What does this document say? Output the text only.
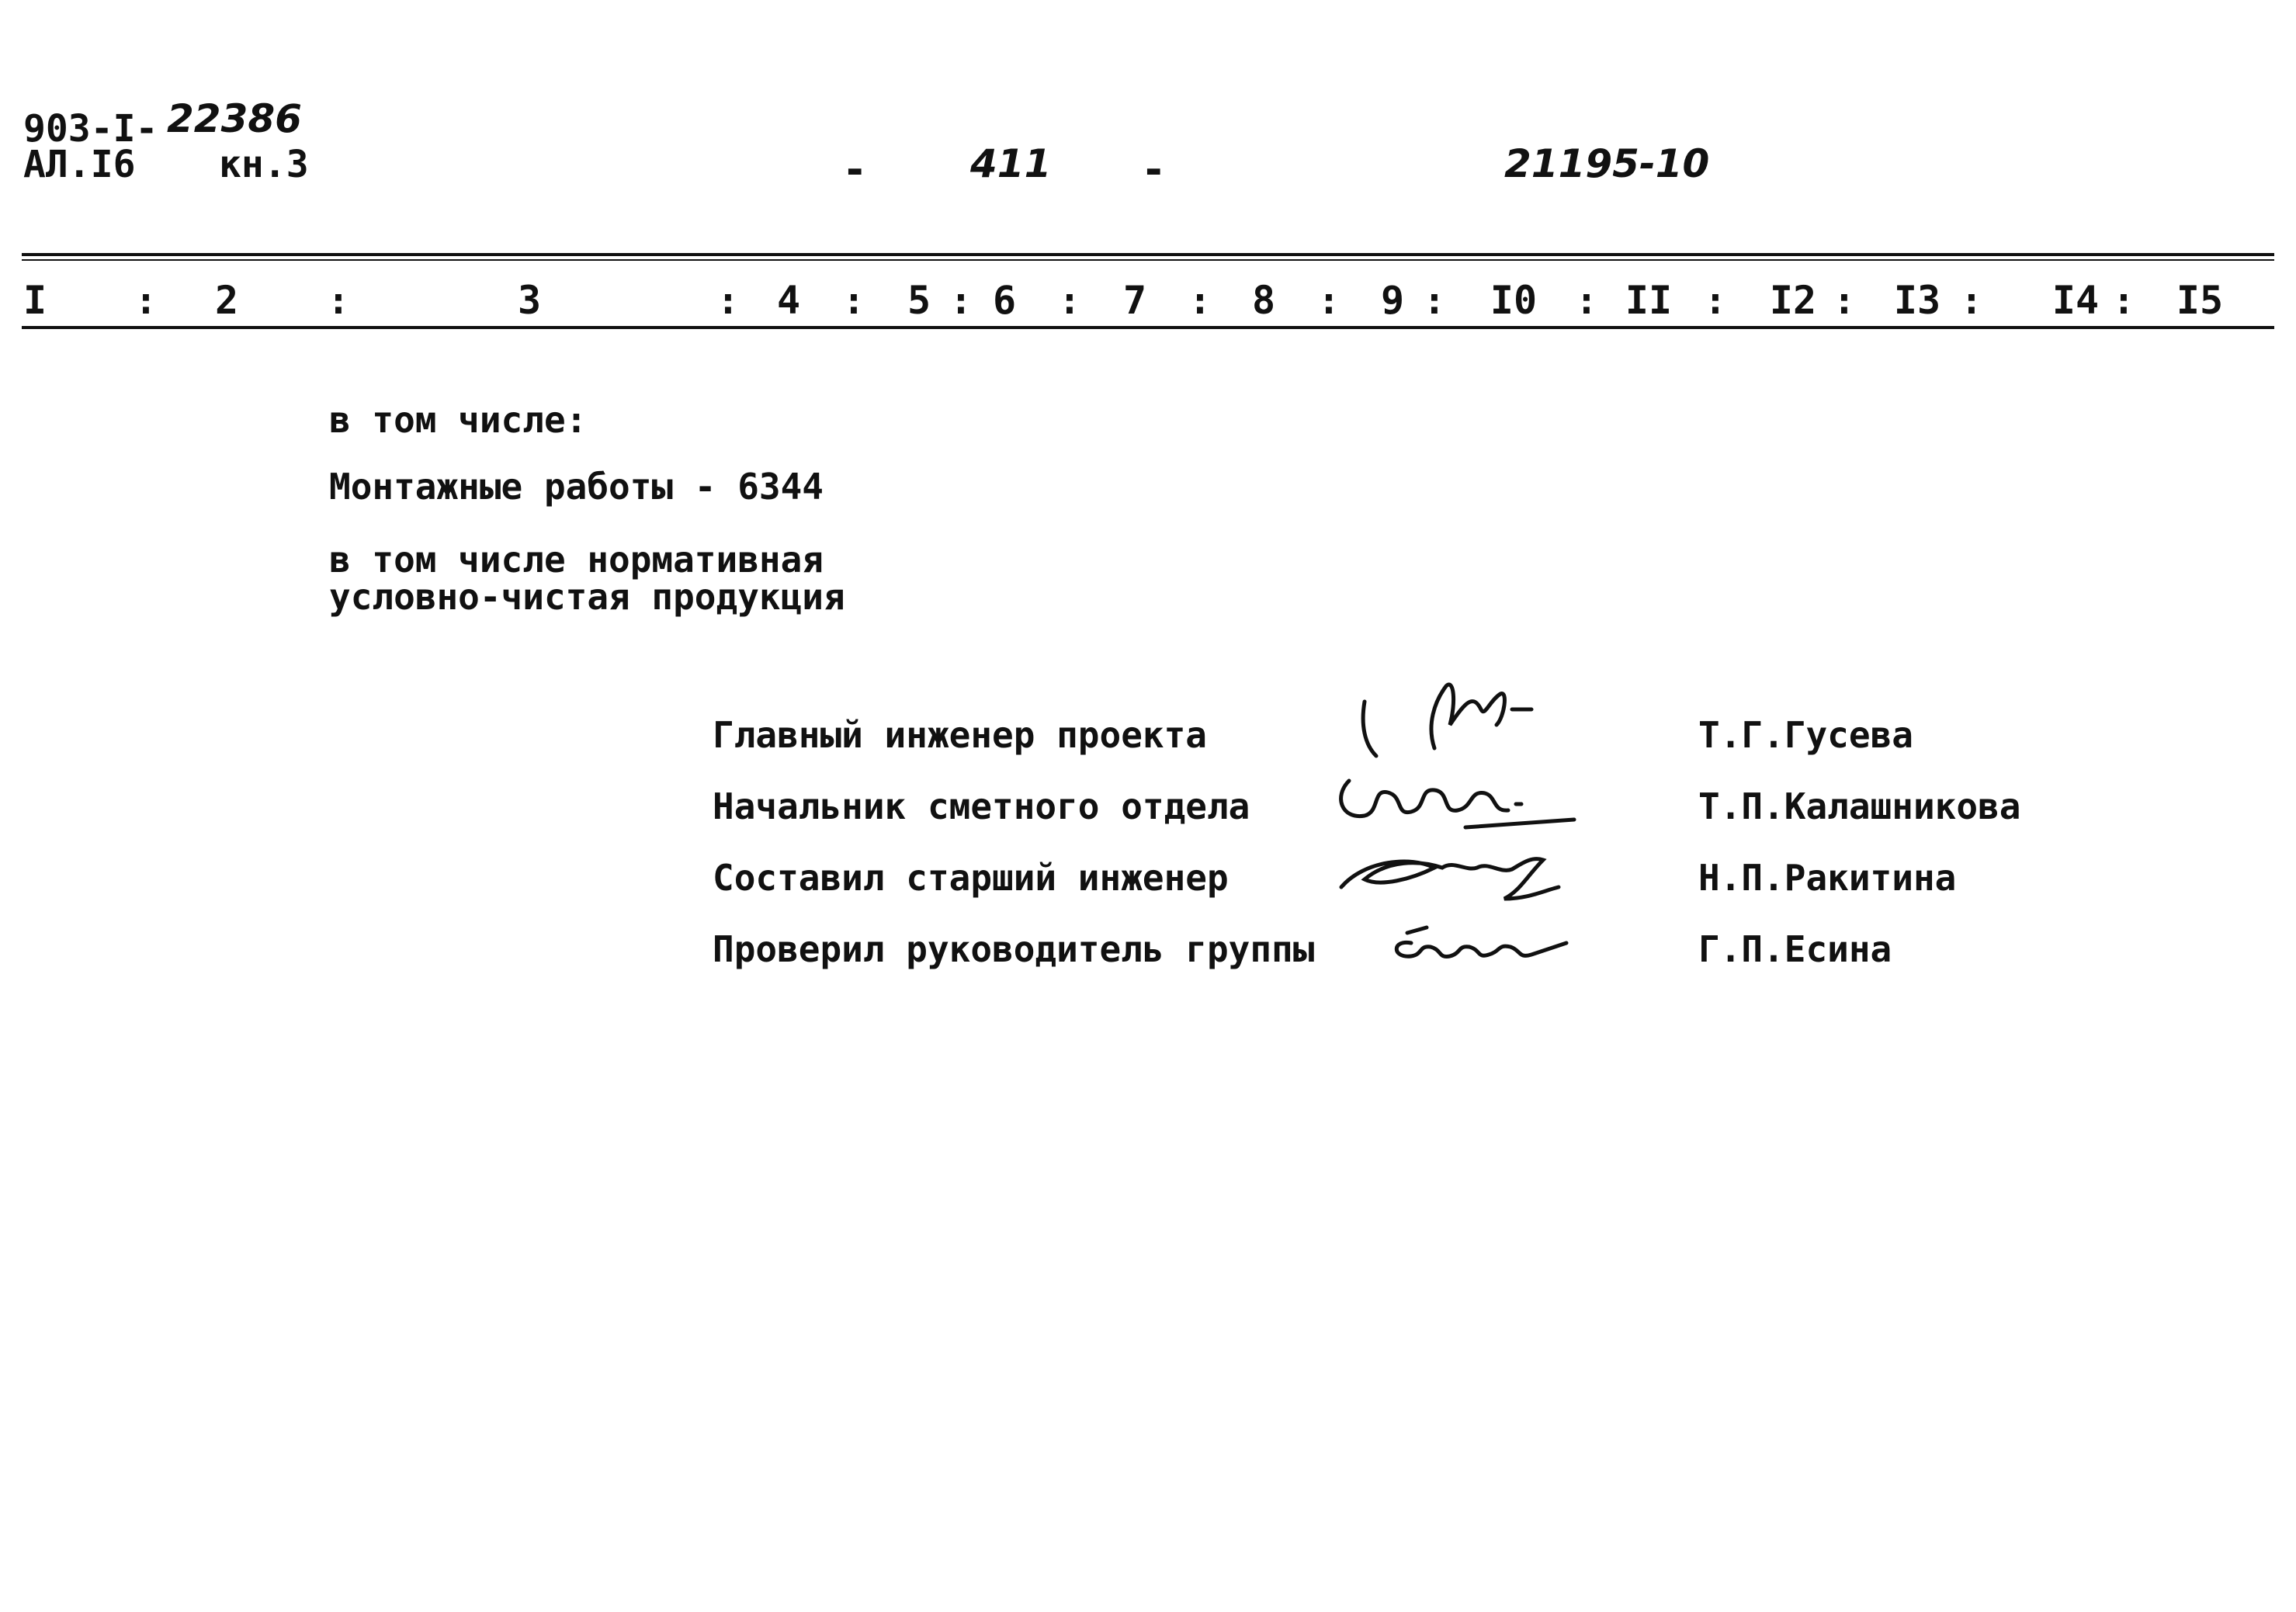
903-I- 22386
АЛ.I6 кн.3	-	411 -	21195-10
I : 2 :	3	: 4 : 5 : 6 : 7 : 8 : 9 : I0 : II : I2 : I3 : I4 : I5
в том числе:
Монтажные работы - 6344
в том числе нормативная
условно-чистая продукция
Главный инженер проекта	Т.Г.Гусева
Начальник сметного отдела	Т.П.Калашникова
Составил старший инженер	Н.П.Ракитина
Проверил руководитель группы	Г.П.Есина
